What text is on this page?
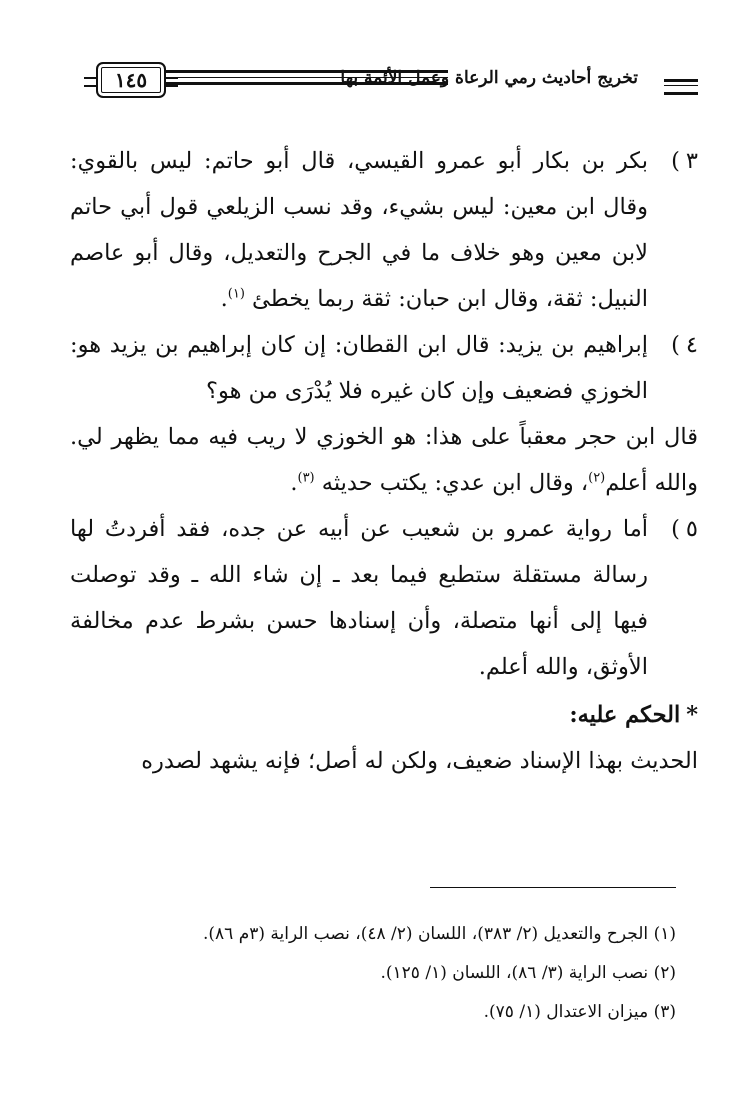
تخريج أحاديث رمي الرعاة وعمل الأئمة بها
١٤٥
٣)
بكر بن بكار أبو عمرو القيسي، قال أبو حاتم: ليس بالقوي: وقال ابن معين: ليس بشيء، وقد نسب الزيلعي قول أبي حاتم لابن معين وهو خلاف ما في الجرح والتعديل، وقال أبو عاصم النبيل: ثقة، وقال ابن حبان: ثقة ربما يخطئ $^{(١)}$.
٤)
إبراهيم بن يزيد: قال ابن القطان: إن كان إبراهيم بن يزيد هو: الخوزي فضعيف وإن كان غيره فلا يُدْرَى من هو؟
قال ابن حجر معقباً على هذا: هو الخوزي لا ريب فيه مما يظهر لي. والله أعلم$^{(٢)}$، وقال ابن عدي: يكتب حديثه $^{(٣)}$.
٥)
أما رواية عمرو بن شعيب عن أبيه عن جده، فقد أفردتُ لها رسالة مستقلة ستطبع فيما بعد ـ إن شاء الله ـ وقد توصلت فيها إلى أنها متصلة، وأن إسنادها حسن بشرط عدم مخالفة الأوثق، والله أعلم.
*الحكم عليه:
الحديث بهذا الإسناد ضعيف، ولكن له أصل؛ فإنه يشهد لصدره
(١) الجرح والتعديل (٢/ ٣٨٣)، اللسان (٢/ ٤٨)، نصب الراية (٣م ٨٦).
(٢) نصب الراية (٣/ ٨٦)، اللسان (١/ ١٢٥).
(٣) ميزان الاعتدال (١/ ٧٥).
